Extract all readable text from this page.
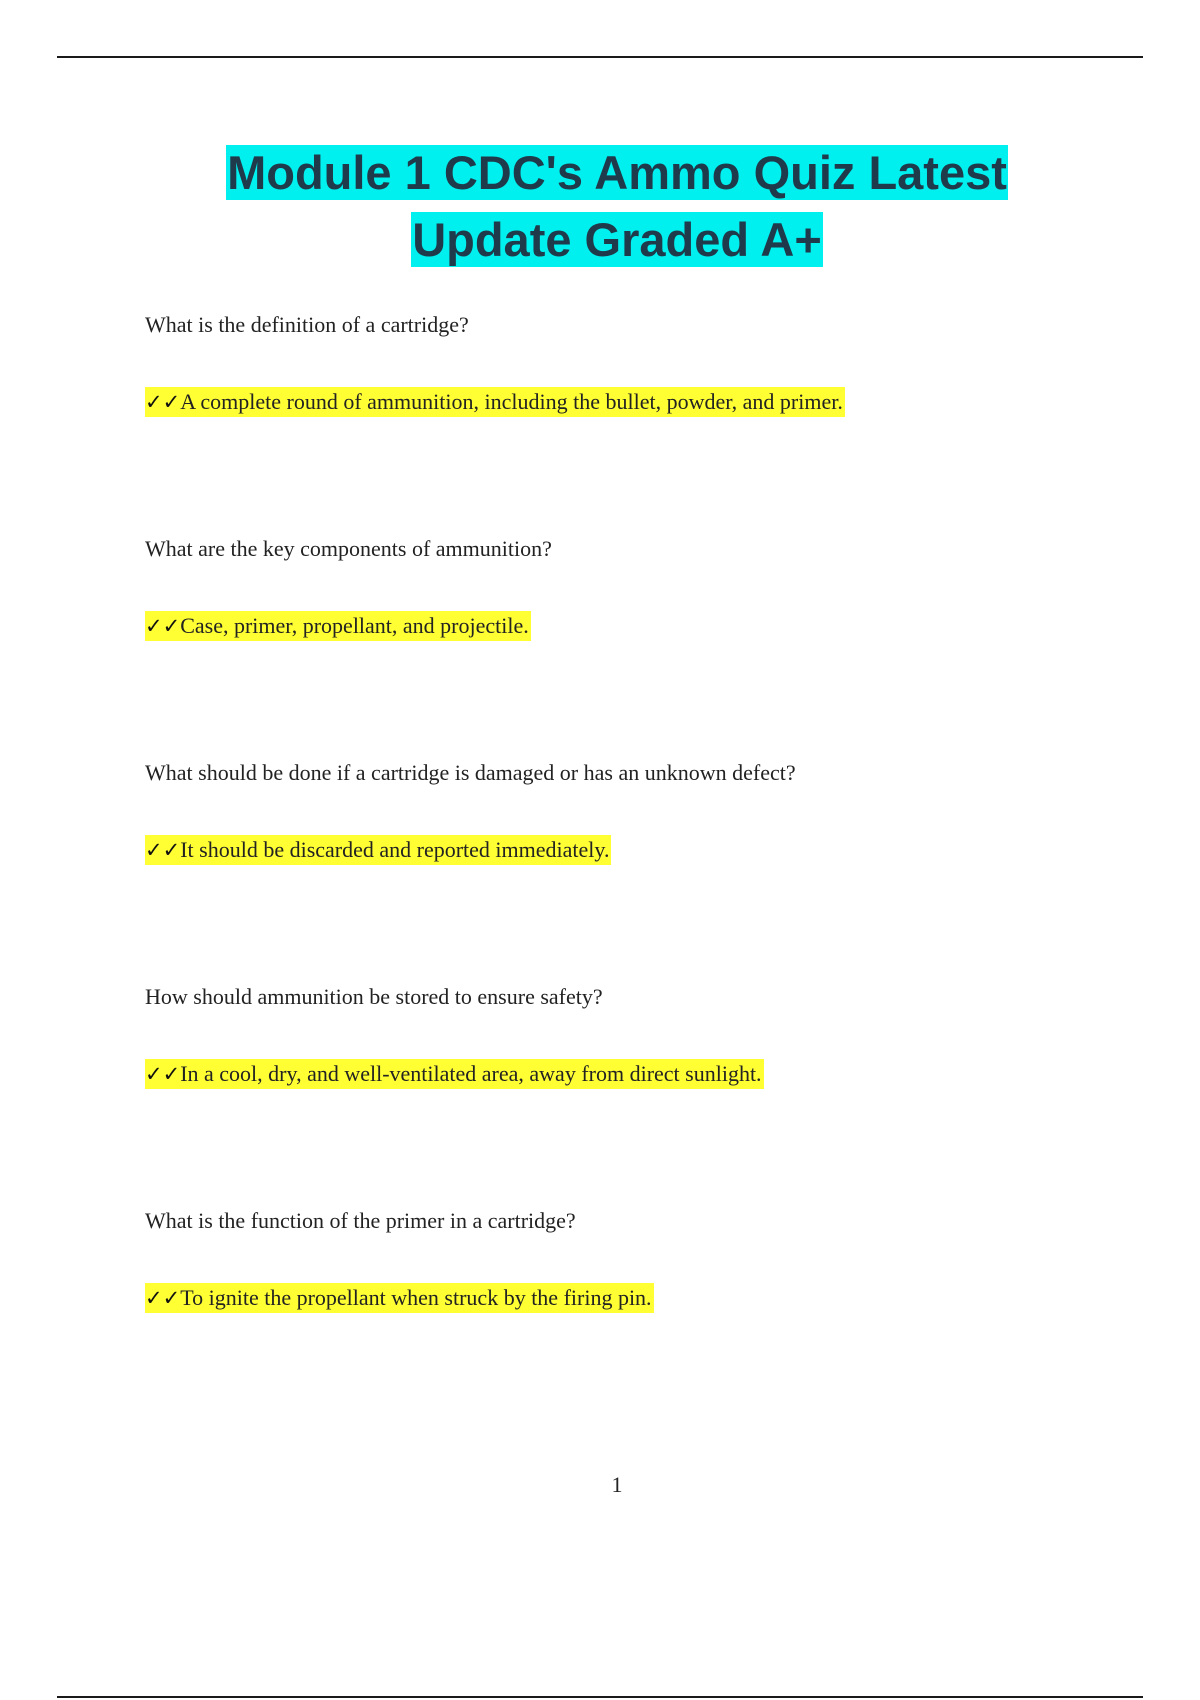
Module 1 CDC's Ammo Quiz Latest
Update Graded A+

What is the definition of a cartridge?

✓✓A complete round of ammunition, including the bullet, powder, and primer.

What are the key components of ammunition?

✓✓Case, primer, propellant, and projectile.

What should be done if a cartridge is damaged or has an unknown defect?

✓✓It should be discarded and reported immediately.

How should ammunition be stored to ensure safety?

✓✓In a cool, dry, and well-ventilated area, away from direct sunlight.

What is the function of the primer in a cartridge?

✓✓To ignite the propellant when struck by the firing pin.
1
